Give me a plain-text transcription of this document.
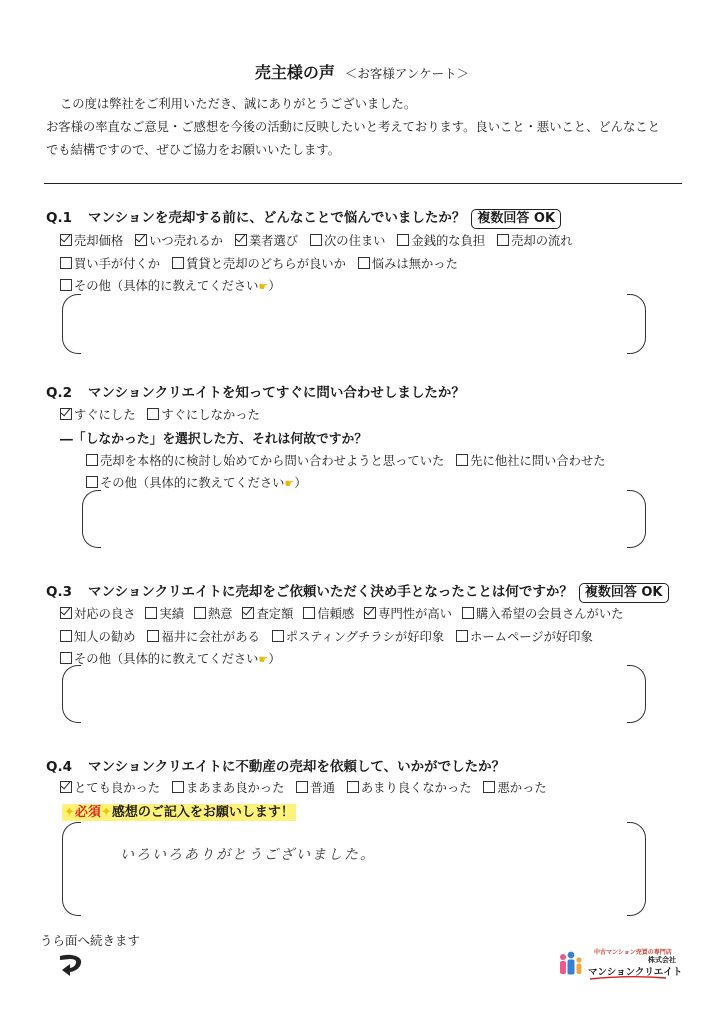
売主様の声 ＜お客様アンケート＞

この度は弊社をご利用いただき、誠にありがとうございました。

お客様の率直なご意見・ご感想を今後の活動に反映したいと考えております。良いこと・悪いこと、どんなこと

でも結構ですので、ぜひご協力をお願いいたします。

Q.1 マンションを売却する前に、どんなことで悩んでいましたか？ 複数回答 OK
売却価格 いつ売れるか 業者選び 次の住まい 金銭的な負担 売却の流れ
買い手が付くか 賃貸と売却のどちらが良いか 悩みは無かった
その他（具体的に教えてください☛）
Q.2 マンションクリエイトを知ってすぐに問い合わせしましたか？
すぐにした すぐにしなかった
―「しなかった」を選択した方、それは何故ですか？
売却を本格的に検討し始めてから問い合わせようと思っていた 先に他社に問い合わせた
その他（具体的に教えてください☛）
Q.3 マンションクリエイトに売却をご依頼いただく決め手となったことは何ですか？ 複数回答 OK
対応の良さ 実績 熱意 査定額 信頼感 専門性が高い 購入希望の会員さんがいた
知人の勧め 福井に会社がある ポスティングチラシが好印象 ホームページが好印象
その他（具体的に教えてください☛）
Q.4 マンションクリエイトに不動産の売却を依頼して、いかがでしたか？
とても良かった まあまあ良かった 普通 あまり良くなかった 悪かった
✦必須✦感想のご記入をお願いします！
いろいろありがとうございました。
うら面へ続きます
中古マンション売買の専門店
株式会社
マンションクリエイト
